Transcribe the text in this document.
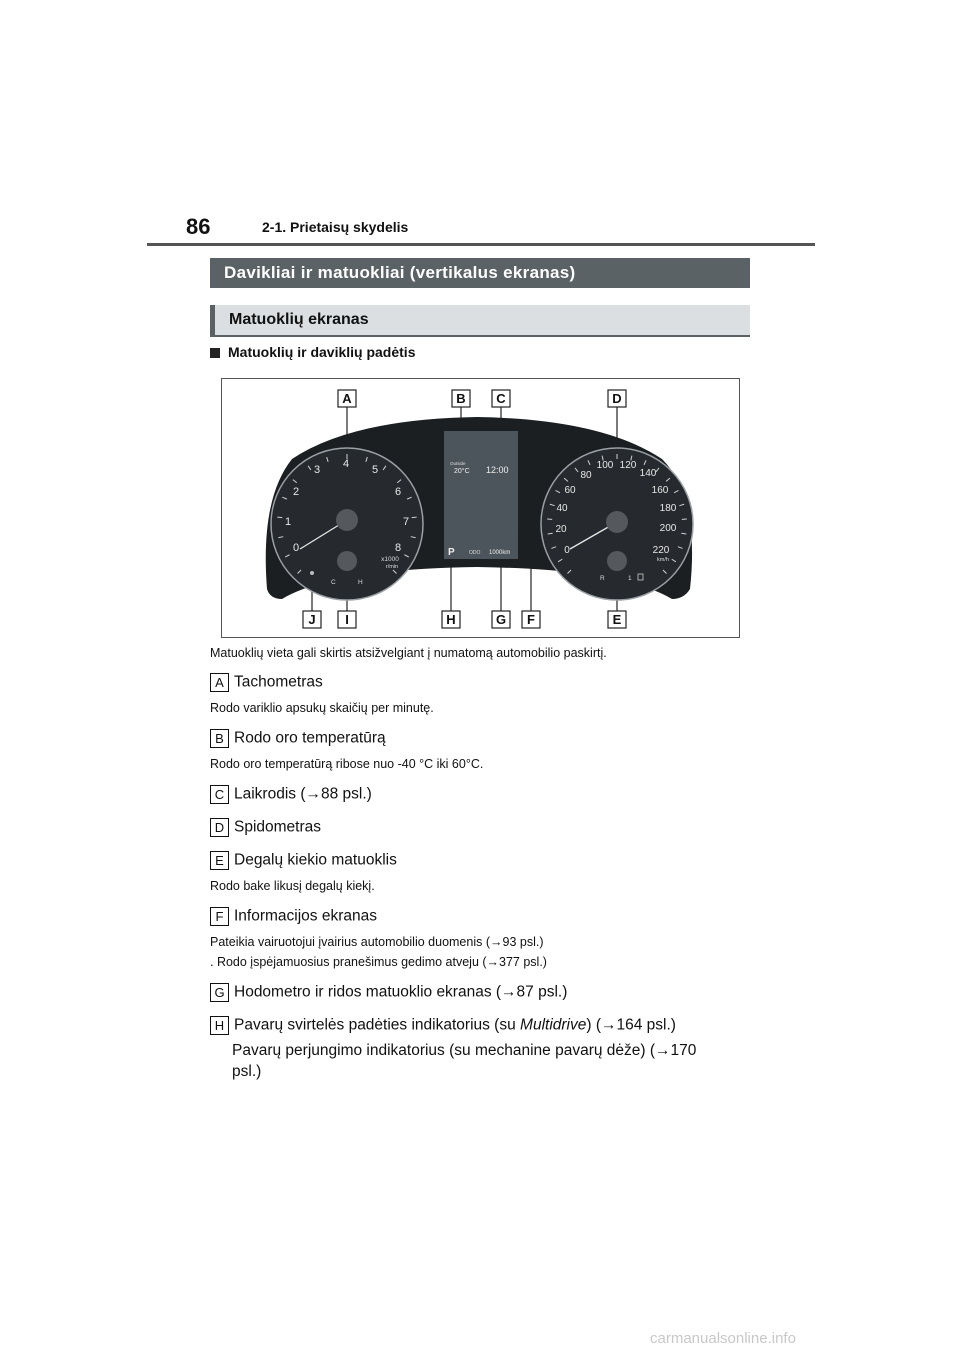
86	2-1. Prietaisų skydelis
Davikliai ir matuokliai (vertikalus ekranas)
Matuoklių ekranas
Matuoklių ir daviklių padėtis
0
1
2
3 4 5
6
7
8
x1000
r/min
C	H
Outside
20°C 12:00
P	ODO 1000km	0
20
40
60
80
100 120
140
160
180
200
220
km/h
R	1
A	B C	D
J I	H	G F	E
Matuoklių vieta gali skirtis atsižvelgiant į numatomą automobilio paskirtį.
A Tachometras
Rodo variklio apsukų skaičių per minutę.
B Rodo oro temperatūrą
Rodo oro temperatūrą ribose nuo -40 °C iki 60°C.
C Laikrodis (→88 psl.)
D Spidometras
E Degalų kiekio matuoklis
Rodo bake likusį degalų kiekį.
F Informacijos ekranas
Pateikia vairuotojui įvairius automobilio duomenis (→93 psl.)
. Rodo įspėjamuosius pranešimus gedimo atveju (→377 psl.)
G Hodometro ir ridos matuoklio ekranas (→87 psl.)
H Pavarų svirtelės padėties indikatorius (su Multidrive) (→164 psl.)
Pavarų perjungimo indikatorius (su mechanine pavarų dėže) (→170
psl.)
carmanualsonline.info
